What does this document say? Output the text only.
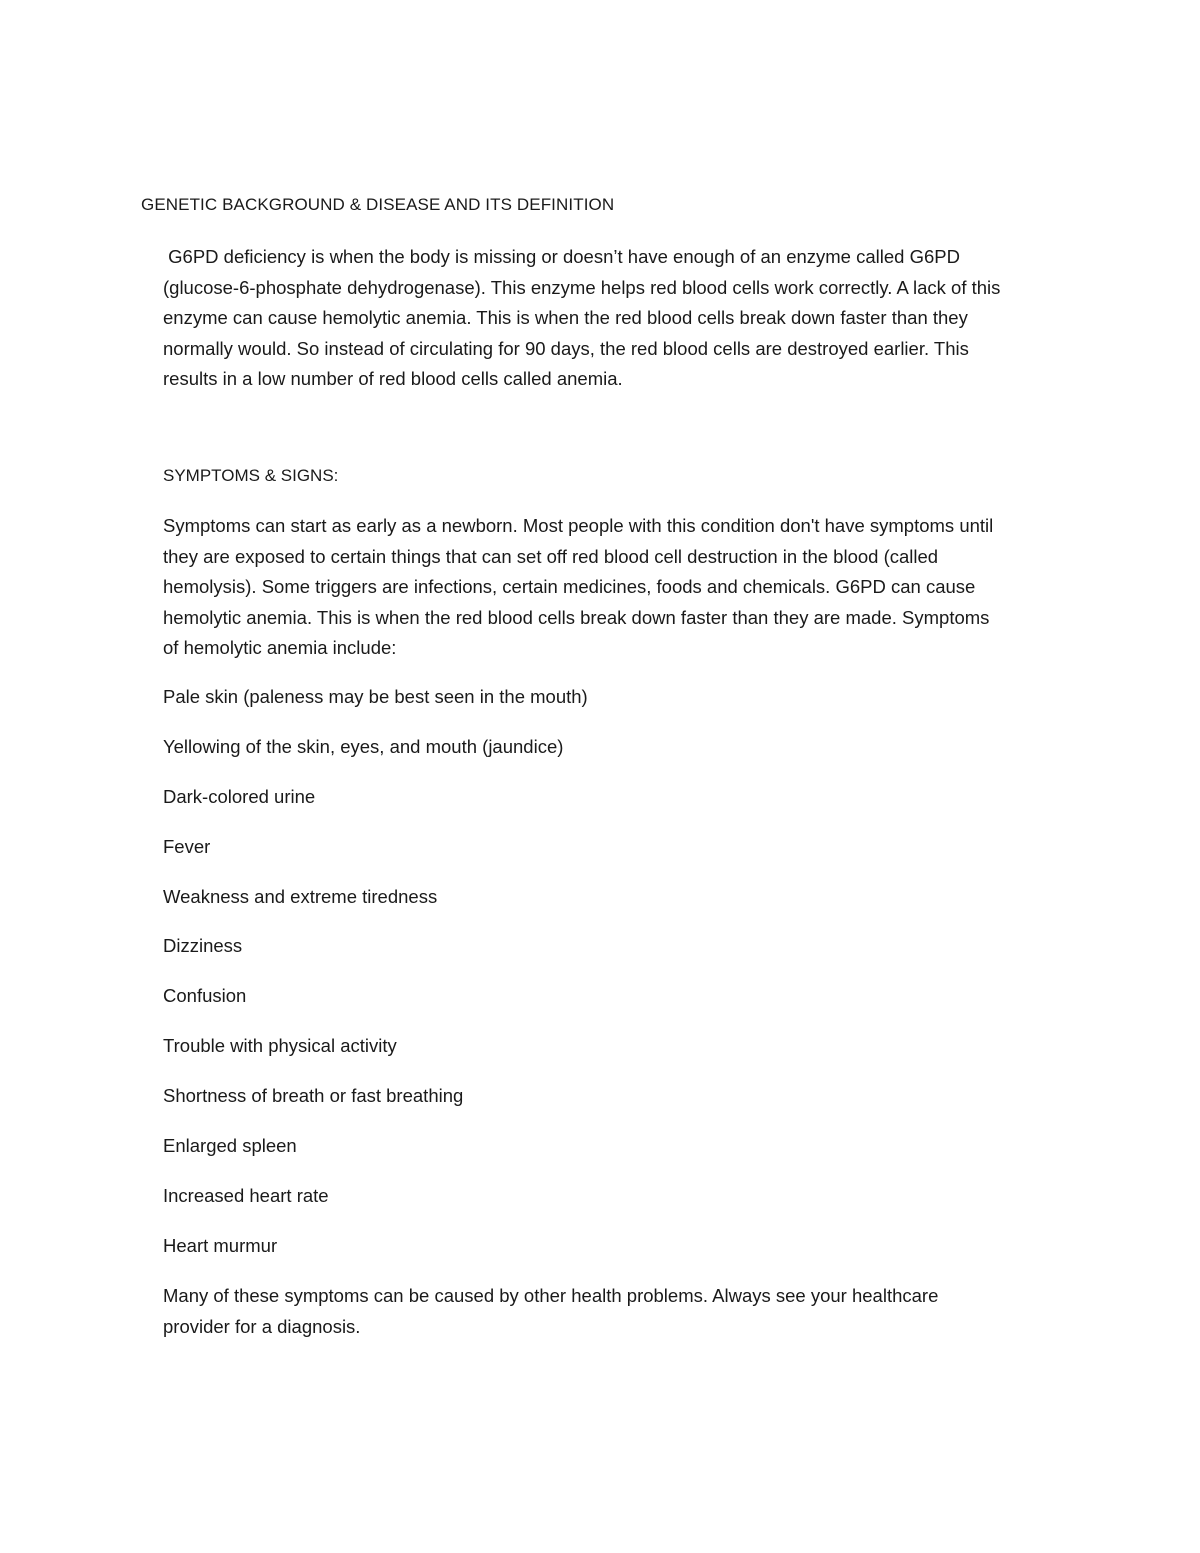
GENETIC BACKGROUND & DISEASE AND ITS DEFINITION
G6PD deficiency is when the body is missing or doesn’t have enough of an enzyme called G6PD
(glucose-6-phosphate dehydrogenase). This enzyme helps red blood cells work correctly. A lack of this
enzyme can cause hemolytic anemia. This is when the red blood cells break down faster than they
normally would. So instead of circulating for 90 days, the red blood cells are destroyed earlier. This
results in a low number of red blood cells called anemia.
SYMPTOMS & SIGNS:
Symptoms can start as early as a newborn. Most people with this condition don't have symptoms until
they are exposed to certain things that can set off red blood cell destruction in the blood (called
hemolysis). Some triggers are infections, certain medicines, foods and chemicals. G6PD can cause
hemolytic anemia. This is when the red blood cells break down faster than they are made. Symptoms
of hemolytic anemia include:
Pale skin (paleness may be best seen in the mouth)
Yellowing of the skin, eyes, and mouth (jaundice)
Dark-colored urine
Fever
Weakness and extreme tiredness
Dizziness
Confusion
Trouble with physical activity
Shortness of breath or fast breathing
Enlarged spleen
Increased heart rate
Heart murmur
Many of these symptoms can be caused by other health problems. Always see your healthcare
provider for a diagnosis.
